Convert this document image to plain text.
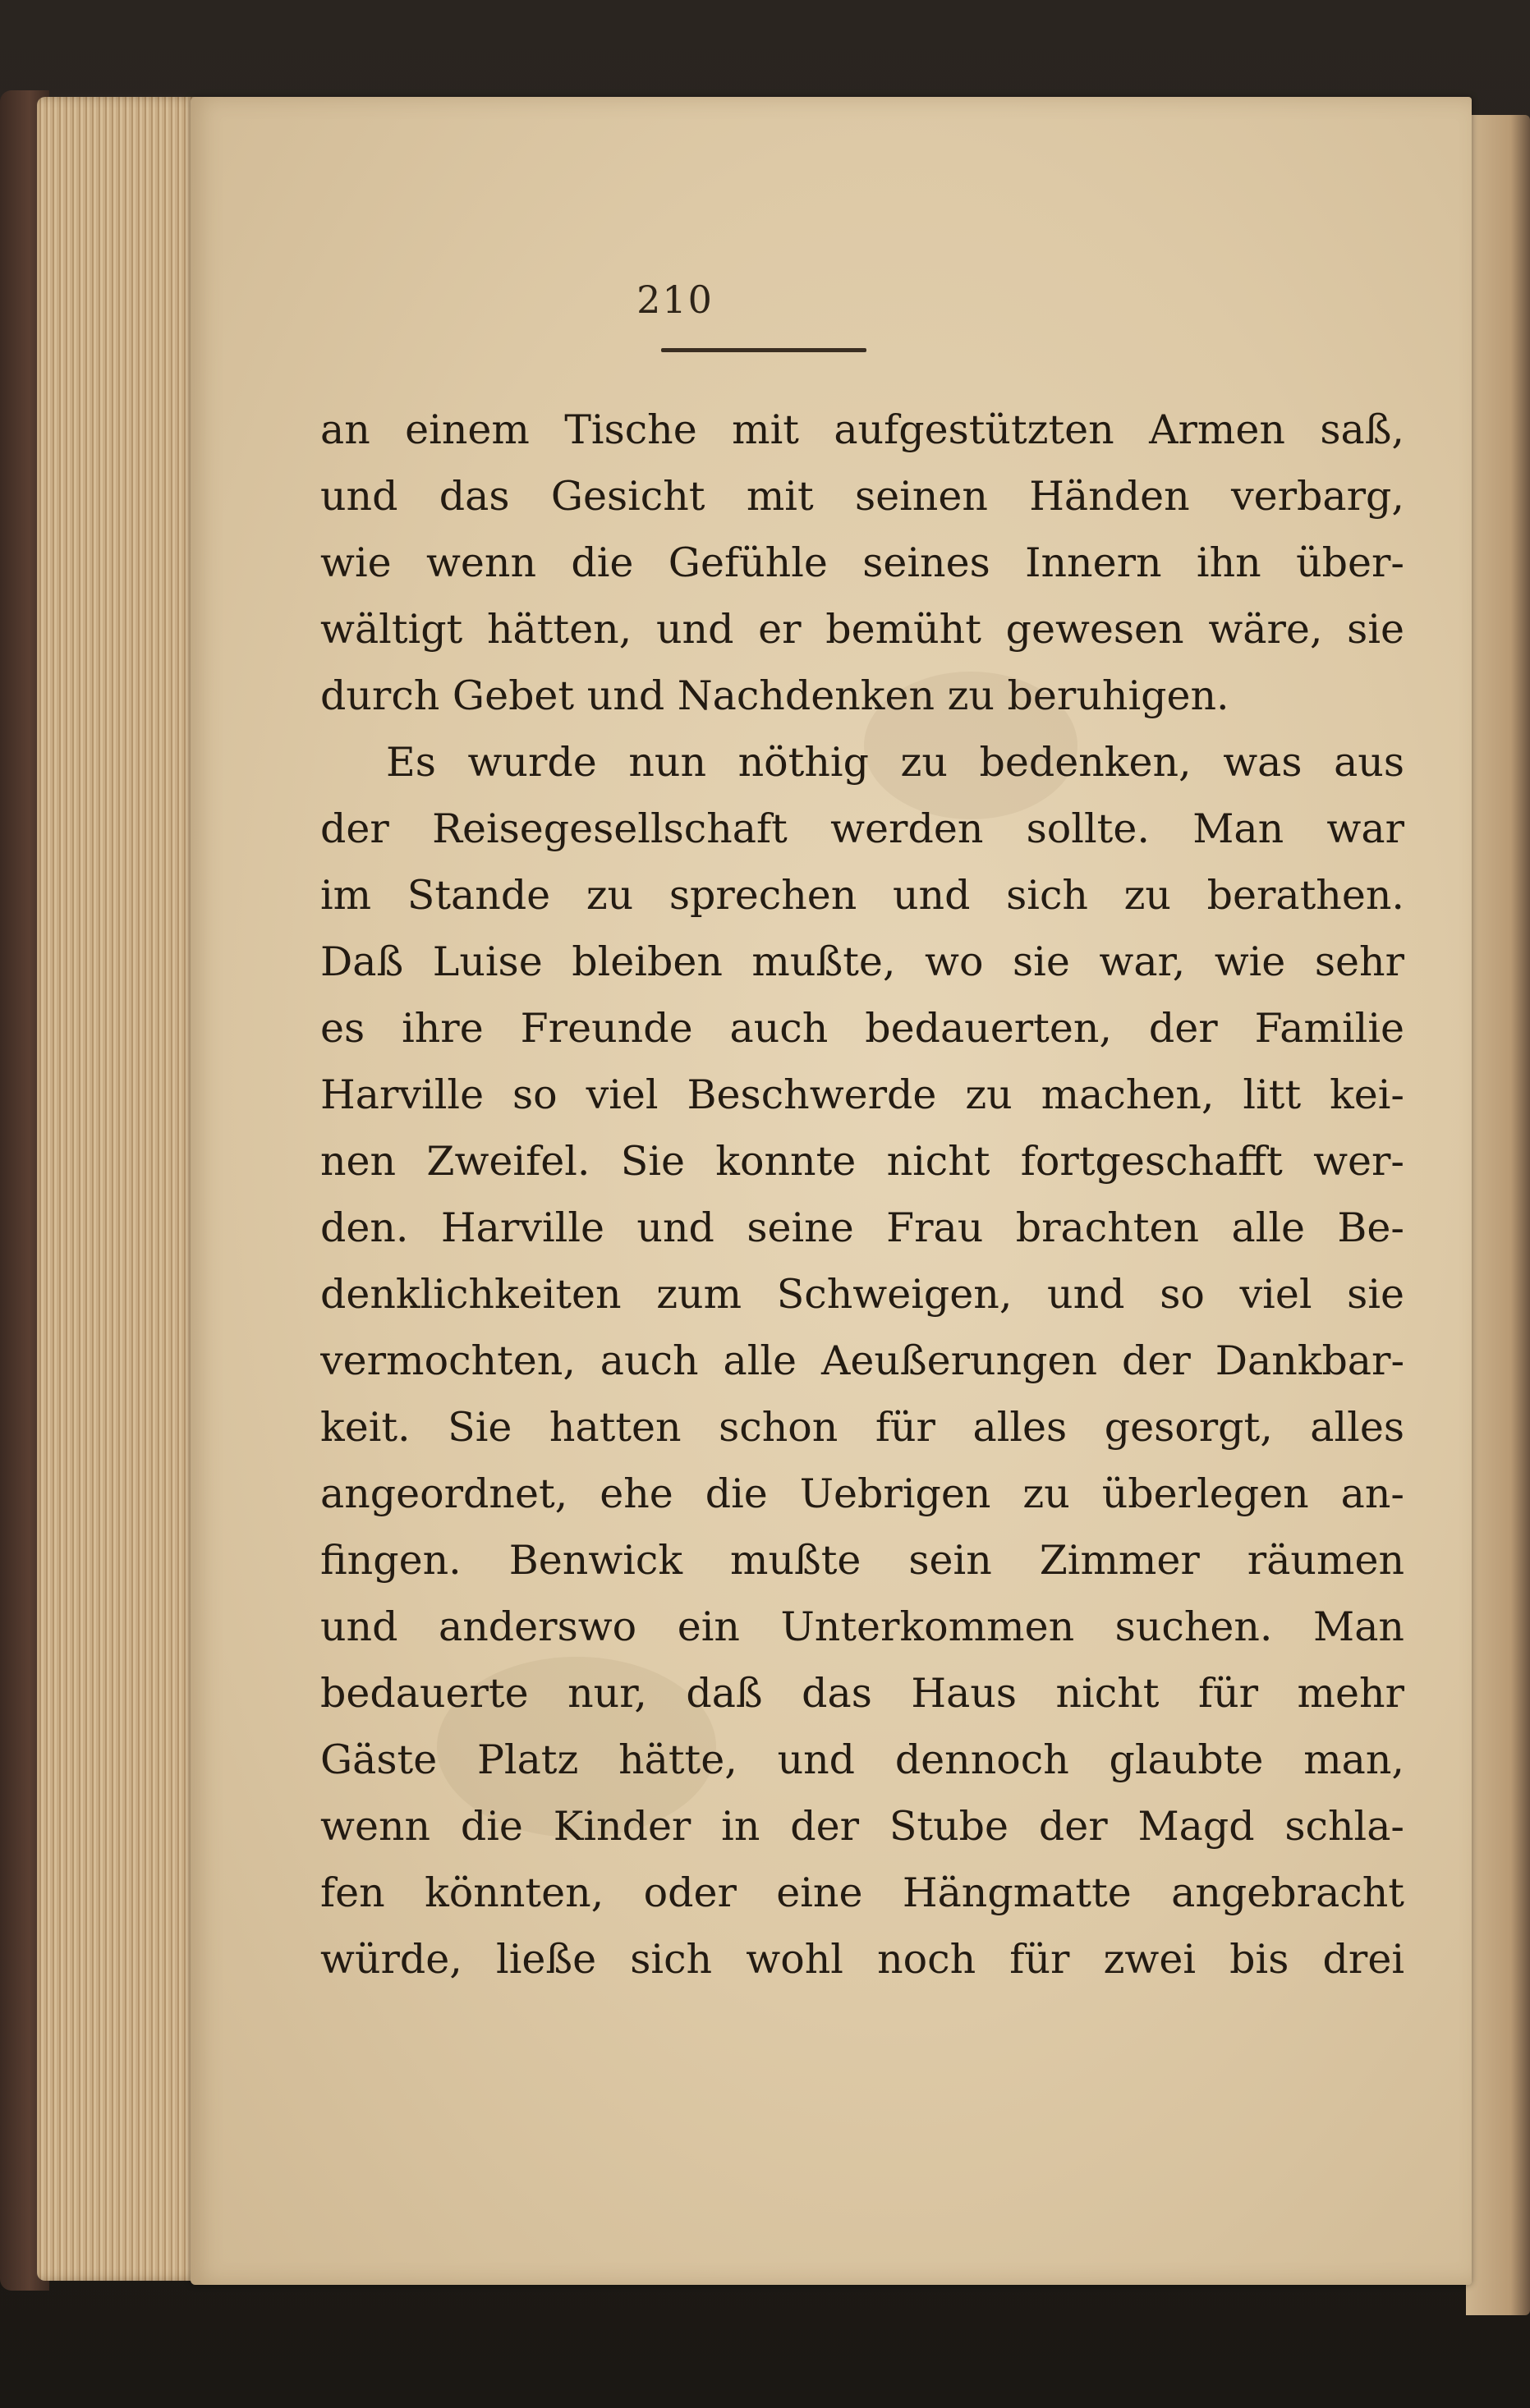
210
an einem Tische mit aufgestützten Armen saß,
und das Gesicht mit seinen Händen verbarg,
wie wenn die Gefühle seines Innern ihn über-
wältigt hätten, und er bemüht gewesen wäre, sie
durch Gebet und Nachdenken zu beruhigen.
Es wurde nun nöthig zu bedenken, was aus
der Reisegesellschaft werden sollte. Man war
im Stande zu sprechen und sich zu berathen.
Daß Luise bleiben mußte, wo sie war, wie sehr
es ihre Freunde auch bedauerten, der Familie
Harville so viel Beschwerde zu machen, litt kei-
nen Zweifel. Sie konnte nicht fortgeschafft wer-
den. Harville und seine Frau brachten alle Be-
denklichkeiten zum Schweigen, und so viel sie
vermochten, auch alle Aeußerungen der Dankbar-
keit. Sie hatten schon für alles gesorgt, alles
angeordnet, ehe die Uebrigen zu überlegen an-
fingen. Benwick mußte sein Zimmer räumen
und anderswo ein Unterkommen suchen. Man
bedauerte nur, daß das Haus nicht für mehr
Gäste Platz hätte, und dennoch glaubte man,
wenn die Kinder in der Stube der Magd schla-
fen könnten, oder eine Hängmatte angebracht
würde, ließe sich wohl noch für zwei bis drei
